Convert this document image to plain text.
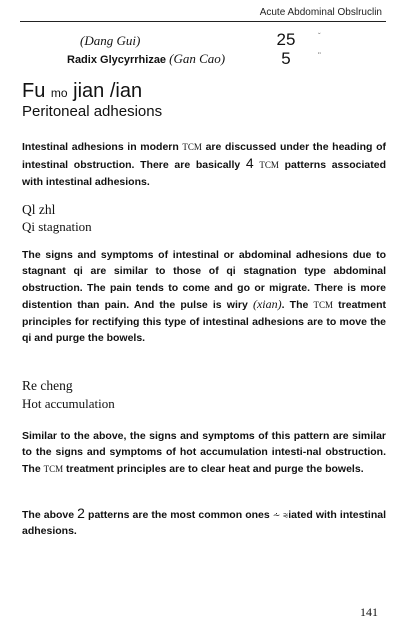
Acute Abdominal Obslruclin
(Dang Gui)	25	ˇ
Radix Glycyrrhizae (Gan Cao)	5	ʺ
Fu mo jian /ian
Peritoneal adhesions

Intestinal adhesions in modern TCM are discussed under the heading of intestinal obstruction. There are basically 4 TCM patterns associated with intestinal adhesions.

Ql zhl
Qi stagnation

The signs and symptoms of intestinal or abdominal adhesions due to stagnant qi are similar to those of qi stagnation type abdominal obstruction. The pain tends to come and go or migrate. There is more distention than pain. And the pulse is wiry (xian). The TCM treatment principles for rectifying this type of intestinal adhesions are to move the qi and purge the bowels.

Re cheng
Hot accumulation

Similar to the above, the signs and symptoms of this pattern are similar to the signs and symptoms of hot accumulation intesti-nal obstruction. The TCM treatment principles are to clear heat and purge the bowels.

The above 2 patterns are the most common ones ⩪ ⩬iated with intestinal adhesions.

141
